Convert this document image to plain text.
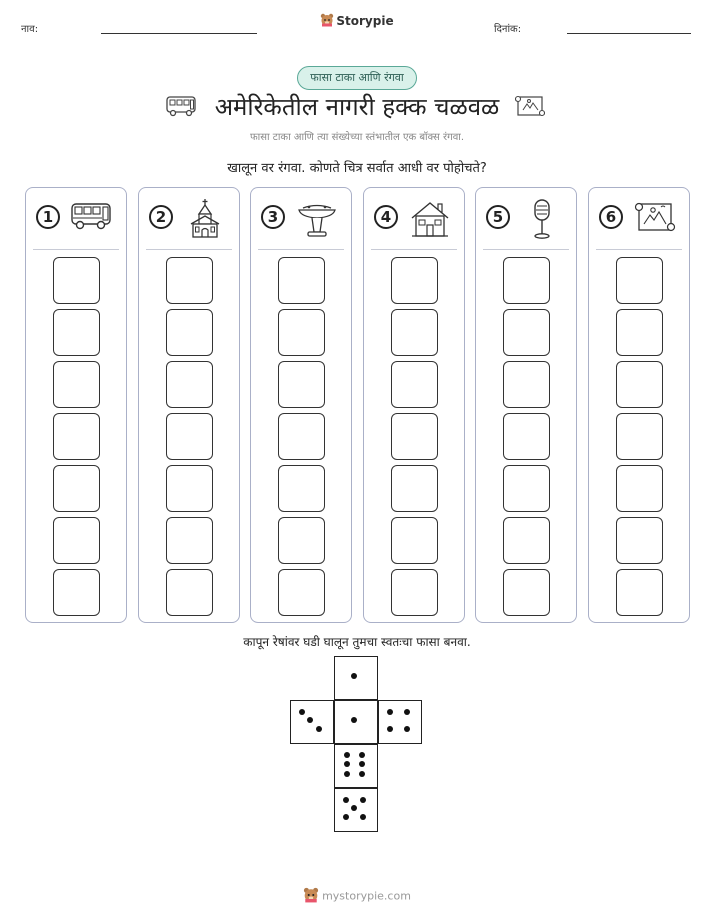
नाव:
Storypie
दिनांक:
फासा टाका आणि रंगवा
अमेरिकेतील नागरी हक्क चळवळ
फासा टाका आणि त्या संख्येच्या स्तंभातील एक बॉक्स रंगवा.
खालून वर रंगवा. कोणते चित्र सर्वात आधी वर पोहोचते?
1	2	3	4	5	6
कापून रेषांवर घडी घालून तुमचा स्वतःचा फासा बनवा.
mystorypie.com
